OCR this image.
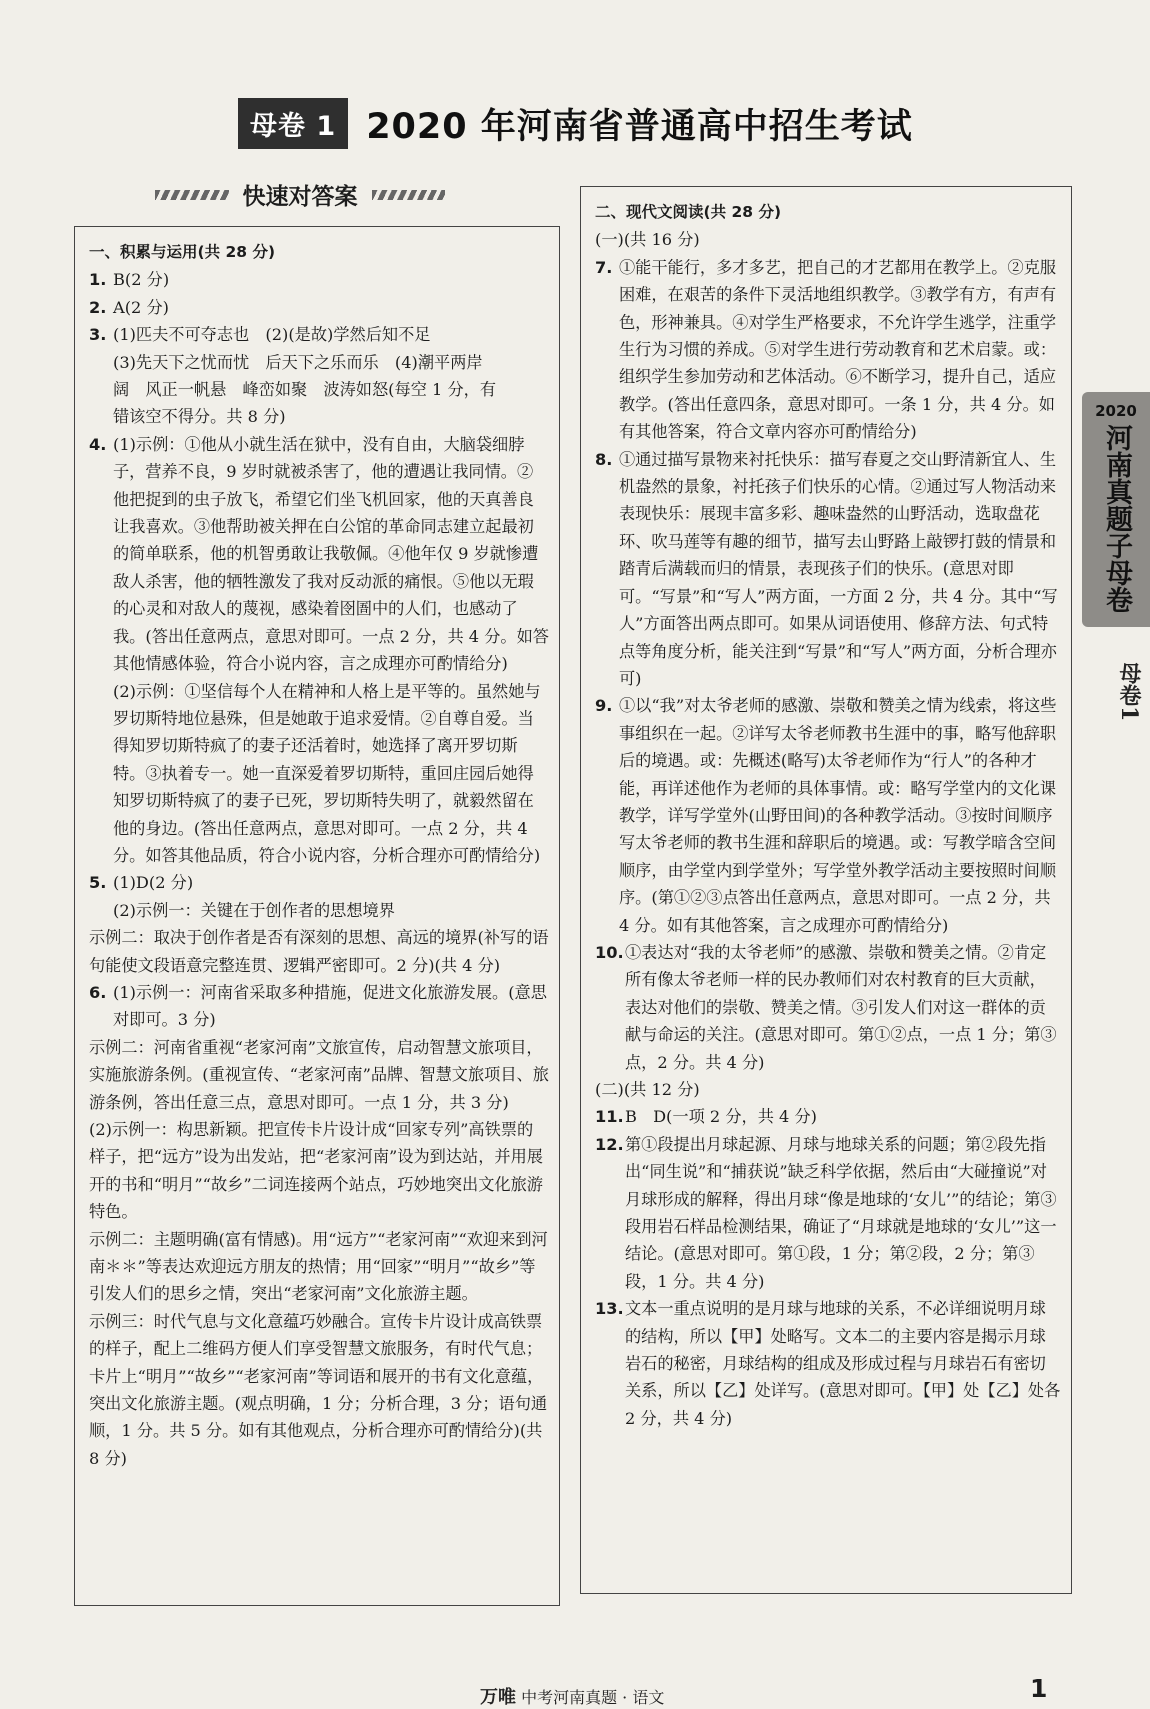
母卷 1 2020 年河南省普通高中招生考试
快速对答案
一、积累与运用(共 28 分)
1. B(2 分)
2. A(2 分)
3. (1)匹夫不可夺志也　(2)(是故)学然后知不足
(3)先天下之忧而忧　后天下之乐而乐　(4)潮平两岸
阔　风正一帆悬　峰峦如聚　波涛如怒(每空 1 分，有
错该空不得分。共 8 分)
4. (1)示例：①他从小就生活在狱中，没有自由，大脑袋细脖子，营养不良，9 岁时就被杀害了，他的遭遇让我同情。②他把捉到的虫子放飞，希望它们坐飞机回家，他的天真善良让我喜欢。③他帮助被关押在白公馆的革命同志建立起最初的简单联系，他的机智勇敢让我敬佩。④他年仅 9 岁就惨遭敌人杀害，他的牺牲激发了我对反动派的痛恨。⑤他以无瑕的心灵和对敌人的蔑视，感染着囹圄中的人们，也感动了我。(答出任意两点，意思对即可。一点 2 分，共 4 分。如答其他情感体验，符合小说内容，言之成理亦可酌情给分)
(2)示例：①坚信每个人在精神和人格上是平等的。虽然她与罗切斯特地位悬殊，但是她敢于追求爱情。②自尊自爱。当得知罗切斯特疯了的妻子还活着时，她选择了离开罗切斯特。③执着专一。她一直深爱着罗切斯特，重回庄园后她得知罗切斯特疯了的妻子已死，罗切斯特失明了，就毅然留在他的身边。(答出任意两点，意思对即可。一点 2 分，共 4 分。如答其他品质，符合小说内容，分析合理亦可酌情给分)
5. (1)D(2 分)
(2)示例一：关键在于创作者的思想境界
示例二：取决于创作者是否有深刻的思想、高远的境界(补写的语句能使文段语意完整连贯、逻辑严密即可。2 分)(共 4 分)
6. (1)示例一：河南省采取多种措施，促进文化旅游发展。(意思对即可。3 分)
示例二：河南省重视“老家河南”文旅宣传，启动智慧文旅项目，实施旅游条例。(重视宣传、“老家河南”品牌、智慧文旅项目、旅游条例，答出任意三点，意思对即可。一点 1 分，共 3 分)
(2)示例一：构思新颖。把宣传卡片设计成“回家专列”高铁票的样子，把“远方”设为出发站，把“老家河南”设为到达站，并用展开的书和“明月”“故乡”二词连接两个站点，巧妙地突出文化旅游特色。
示例二：主题明确(富有情感)。用“远方”“老家河南”“欢迎来到河南＊＊”等表达欢迎远方朋友的热情；用“回家”“明月”“故乡”等引发人们的思乡之情，突出“老家河南”文化旅游主题。
示例三：时代气息与文化意蕴巧妙融合。宣传卡片设计成高铁票的样子，配上二维码方便人们享受智慧文旅服务，有时代气息；卡片上“明月”“故乡”“老家河南”等词语和展开的书有文化意蕴，突出文化旅游主题。(观点明确，1 分；分析合理，3 分；语句通顺，1 分。共 5 分。如有其他观点，分析合理亦可酌情给分)(共 8 分)
二、现代文阅读(共 28 分)
(一)(共 16 分)
7. ①能干能行，多才多艺，把自己的才艺都用在教学上。②克服困难，在艰苦的条件下灵活地组织教学。③教学有方，有声有色，形神兼具。④对学生严格要求，不允许学生逃学，注重学生行为习惯的养成。⑤对学生进行劳动教育和艺术启蒙。或：组织学生参加劳动和艺体活动。⑥不断学习，提升自己，适应教学。(答出任意四条，意思对即可。一条 1 分，共 4 分。如有其他答案，符合文章内容亦可酌情给分)
8. ①通过描写景物来衬托快乐：描写春夏之交山野清新宜人、生机盎然的景象，衬托孩子们快乐的心情。②通过写人物活动来表现快乐：展现丰富多彩、趣味盎然的山野活动，选取盘花环、吹马莲等有趣的细节，描写去山野路上敲锣打鼓的情景和踏青后满载而归的情景，表现孩子们的快乐。(意思对即可。“写景”和“写人”两方面，一方面 2 分，共 4 分。其中“写人”方面答出两点即可。如果从词语使用、修辞方法、句式特点等角度分析，能关注到“写景”和“写人”两方面，分析合理亦可)
9. ①以“我”对太爷老师的感激、崇敬和赞美之情为线索，将这些事组织在一起。②详写太爷老师教书生涯中的事，略写他辞职后的境遇。或：先概述(略写)太爷老师作为“行人”的各种才能，再详述他作为老师的具体事情。或：略写学堂内的文化课教学，详写学堂外(山野田间)的各种教学活动。③按时间顺序写太爷老师的教书生涯和辞职后的境遇。或：写教学暗含空间顺序，由学堂内到学堂外；写学堂外教学活动主要按照时间顺序。(第①②③点答出任意两点，意思对即可。一点 2 分，共 4 分。如有其他答案，言之成理亦可酌情给分)
10. ①表达对“我的太爷老师”的感激、崇敬和赞美之情。②肯定所有像太爷老师一样的民办教师们对农村教育的巨大贡献，表达对他们的崇敬、赞美之情。③引发人们对这一群体的贡献与命运的关注。(意思对即可。第①②点，一点 1 分；第③点，2 分。共 4 分)
(二)(共 12 分)
11. B　D(一项 2 分，共 4 分)
12. 第①段提出月球起源、月球与地球关系的问题；第②段先指出“同生说”和“捕获说”缺乏科学依据，然后由“大碰撞说”对月球形成的解释，得出月球“像是地球的‘女儿’”的结论；第③段用岩石样品检测结果，确证了“月球就是地球的‘女儿’”这一结论。(意思对即可。第①段，1 分；第②段，2 分；第③段，1 分。共 4 分)
13. 文本一重点说明的是月球与地球的关系，不必详细说明月球的结构，所以【甲】处略写。文本二的主要内容是揭示月球岩石的秘密，月球结构的组成及形成过程与月球岩石有密切关系，所以【乙】处详写。(意思对即可。【甲】处【乙】处各 2 分，共 4 分)
2020
河南真题子母卷
母卷1
万唯 中考河南真题 · 语文	1
